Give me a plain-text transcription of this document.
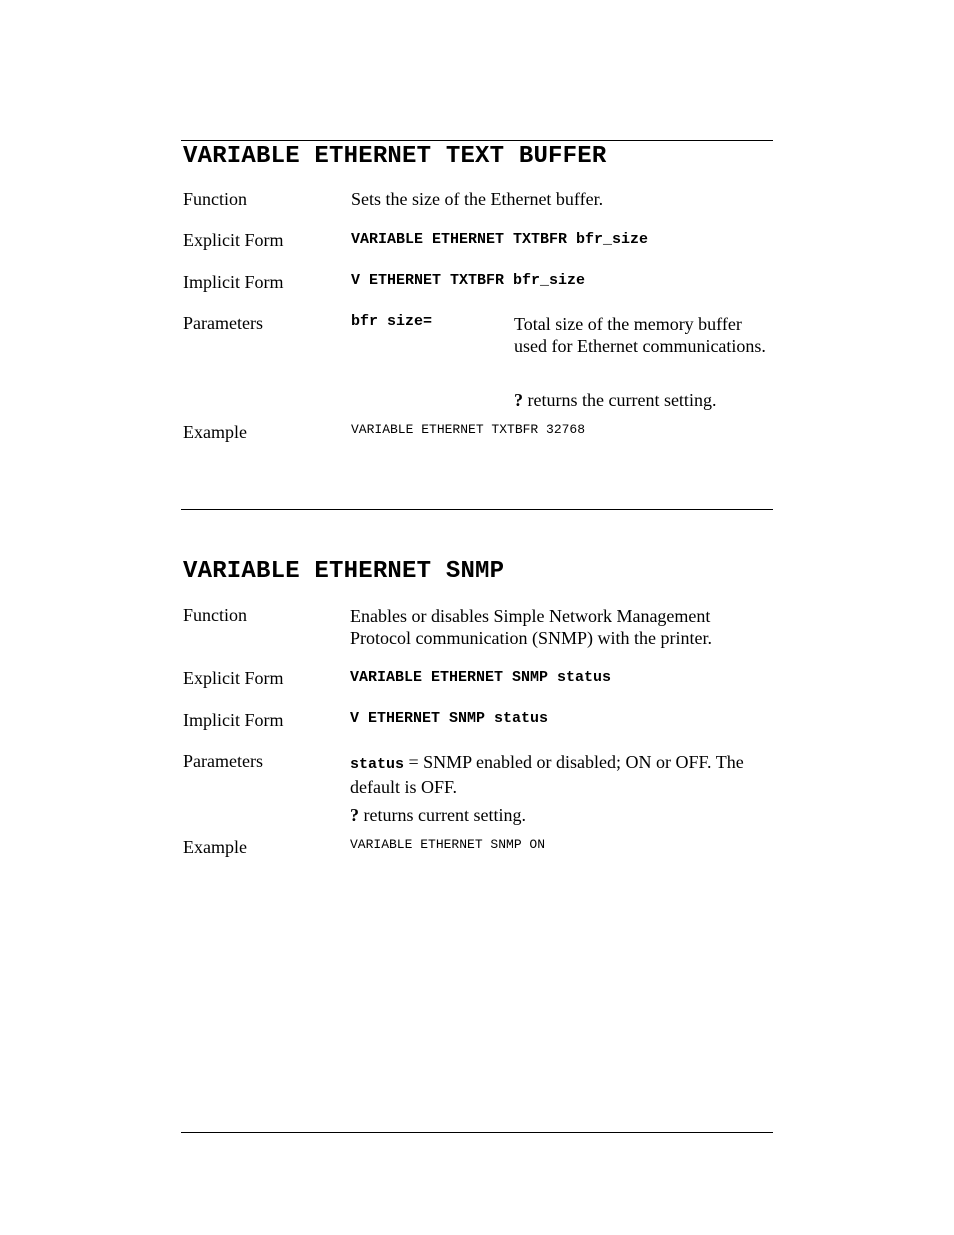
VARIABLE ETHERNET TEXT BUFFER
Function	Sets the size of the Ethernet buffer.
Explicit Form	VARIABLE ETHERNET TXTBFR bfr_size
Implicit Form	V ETHERNET TXTBFR bfr_size
Parameters	bfr size=	Total size of the memory buffer used for Ethernet communications.
? returns the current setting.
Example	VARIABLE ETHERNET TXTBFR 32768
VARIABLE ETHERNET SNMP
Function	Enables or disables Simple Network Management Protocol communication (SNMP) with the printer.
Explicit Form	VARIABLE ETHERNET SNMP status
Implicit Form	V ETHERNET SNMP status
Parameters	status = SNMP enabled or disabled; ON or OFF. The default is OFF.
? returns current setting.
Example	VARIABLE ETHERNET SNMP ON
